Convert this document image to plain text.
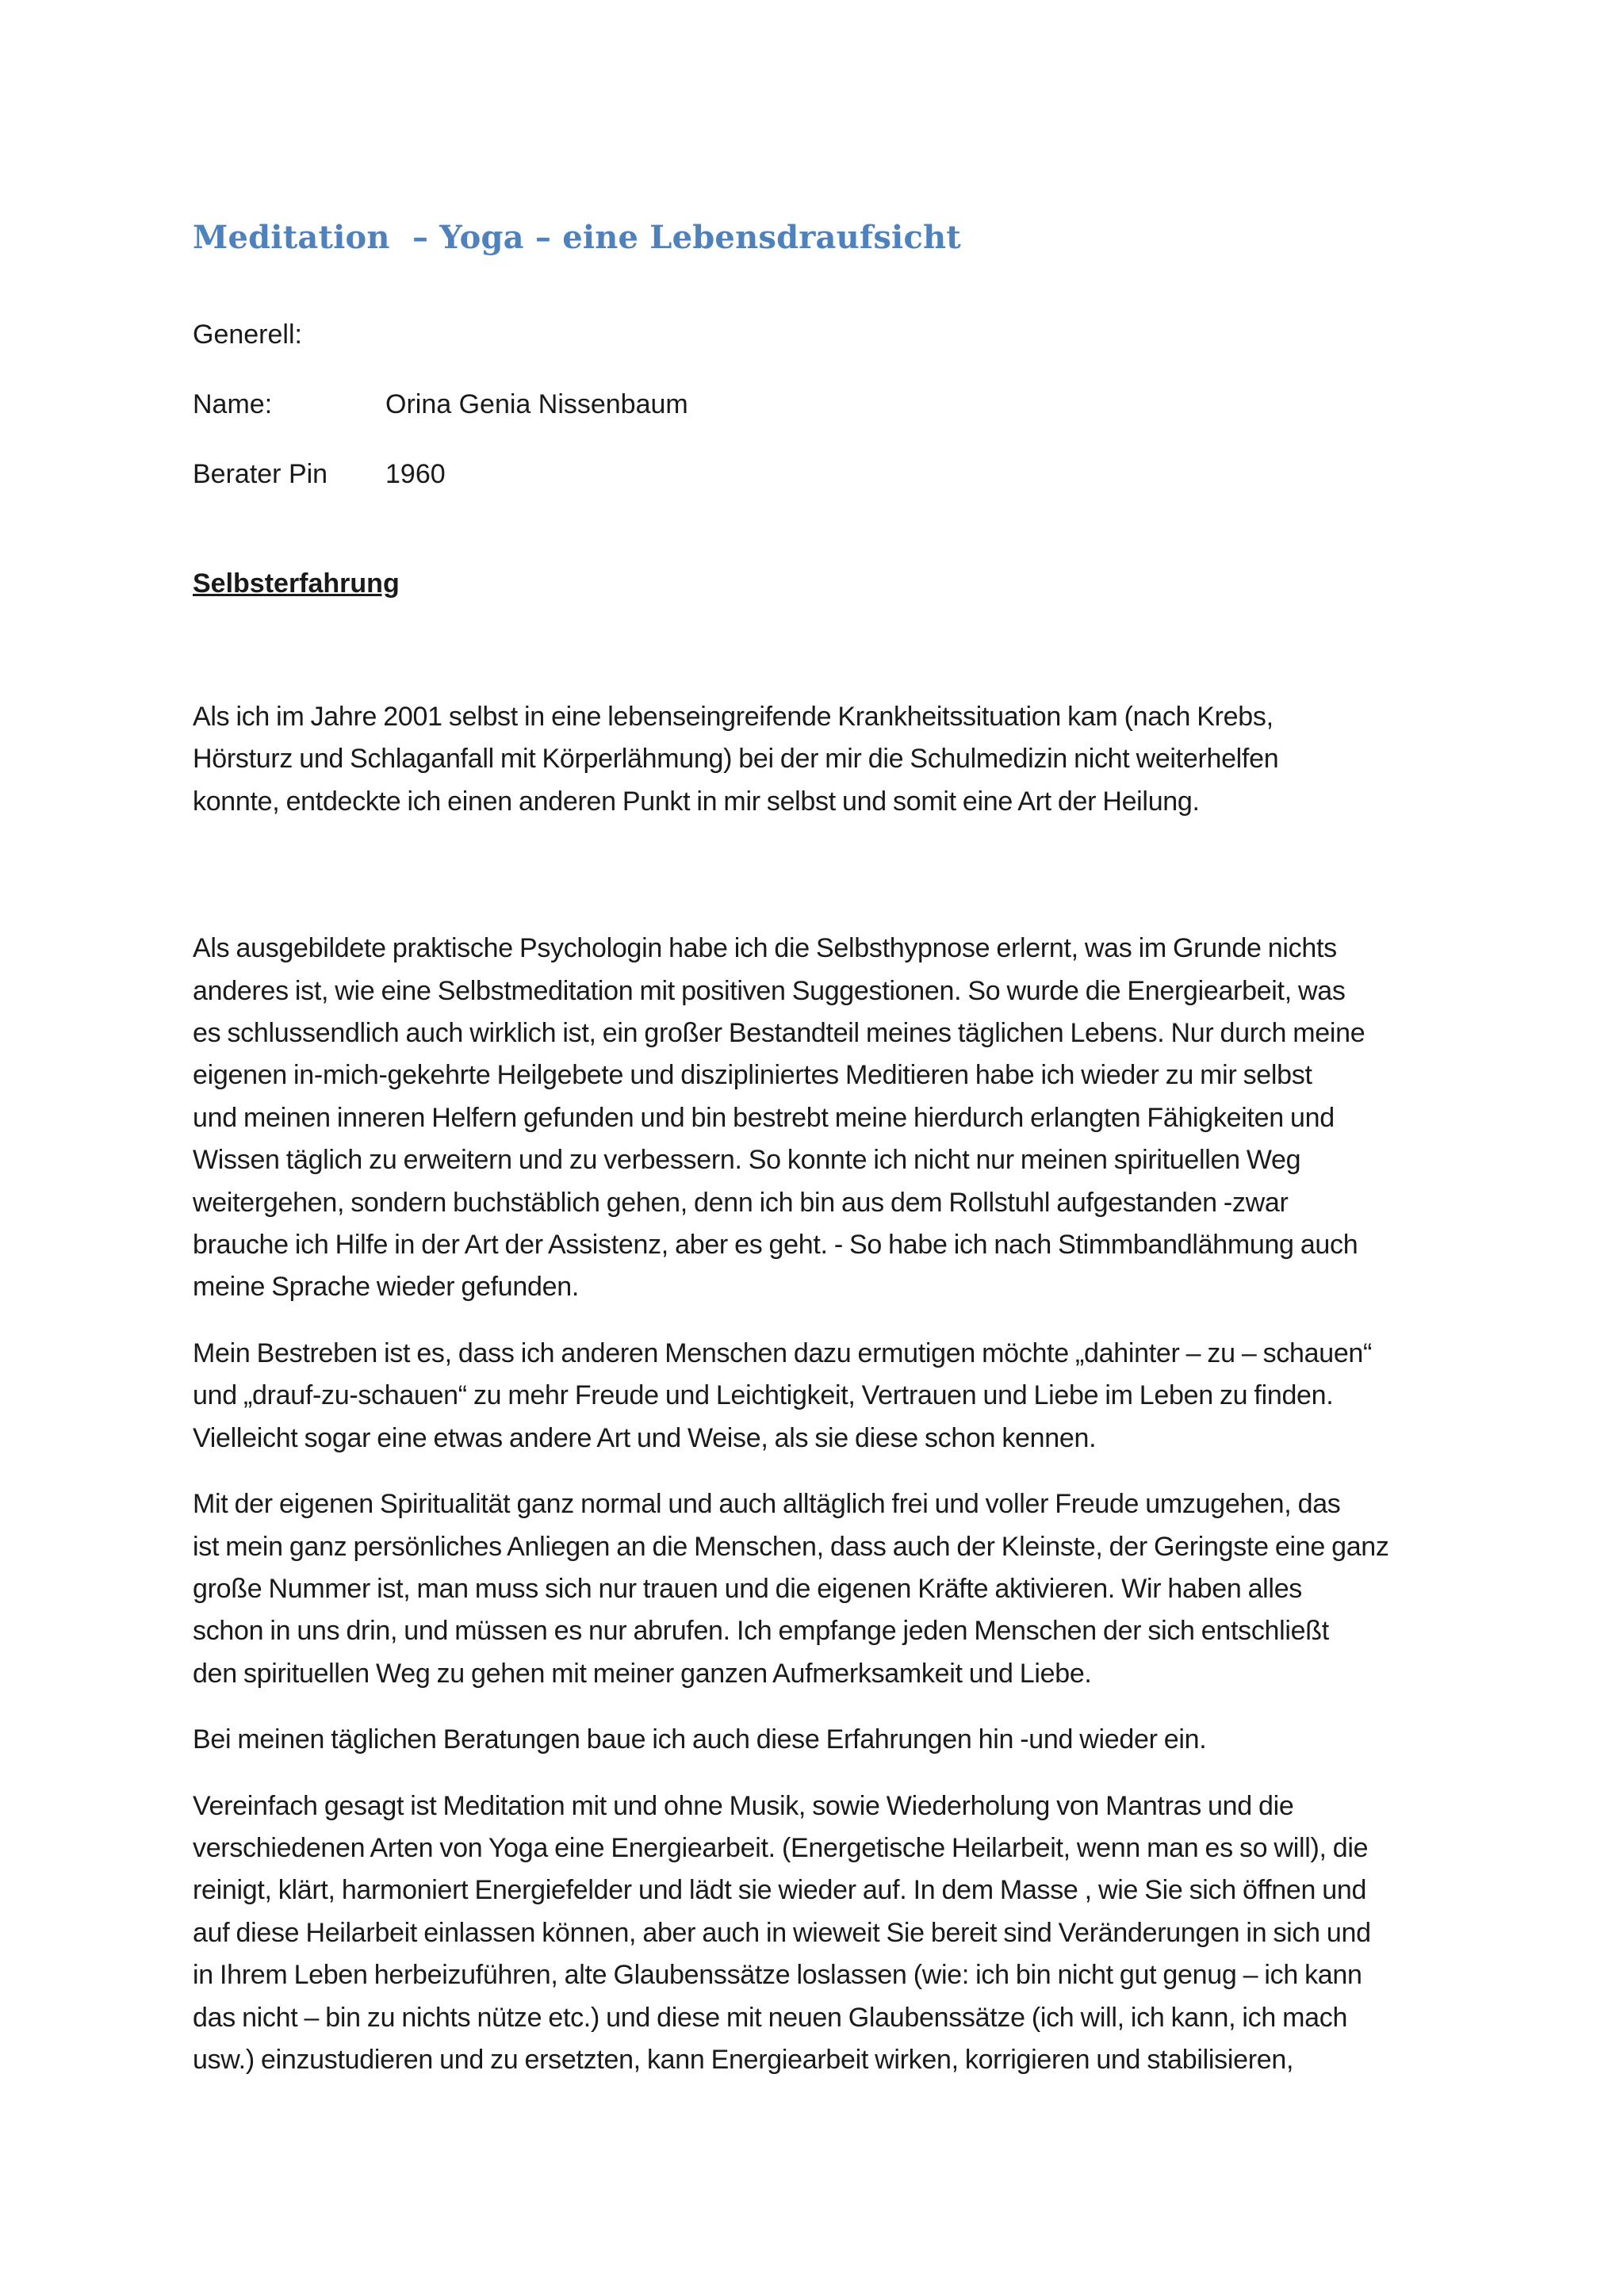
Meditation  – Yoga – eine Lebensdraufsicht
Generell:
Name:	Orina Genia Nissenbaum
Berater Pin	1960
Selbsterfahrung
Als ich im Jahre 2001 selbst in eine lebenseingreifende Krankheitssituation kam (nach Krebs,
Hörsturz und Schlaganfall mit Körperlähmung) bei der mir die Schulmedizin nicht weiterhelfen
konnte, entdeckte ich einen anderen Punkt in mir selbst und somit eine Art der Heilung.
Als ausgebildete praktische Psychologin habe ich die Selbsthypnose erlernt, was im Grunde nichts
anderes ist, wie eine Selbstmeditation mit positiven Suggestionen. So wurde die Energiearbeit, was
es schlussendlich auch wirklich ist, ein großer Bestandteil meines täglichen Lebens. Nur durch meine
eigenen in-mich-gekehrte Heilgebete und diszipliniertes Meditieren habe ich wieder zu mir selbst
und meinen inneren Helfern gefunden und bin bestrebt meine hierdurch erlangten Fähigkeiten und
Wissen täglich zu erweitern und zu verbessern. So konnte ich nicht nur meinen spirituellen Weg
weitergehen, sondern buchstäblich gehen, denn ich bin aus dem Rollstuhl aufgestanden -zwar
brauche ich Hilfe in der Art der Assistenz, aber es geht. - So habe ich nach Stimmbandlähmung auch
meine Sprache wieder gefunden.
Mein Bestreben ist es, dass ich anderen Menschen dazu ermutigen möchte „dahinter – zu – schauen“
und „drauf-zu-schauen“ zu mehr Freude und Leichtigkeit, Vertrauen und Liebe im Leben zu finden.
Vielleicht sogar eine etwas andere Art und Weise, als sie diese schon kennen.
Mit der eigenen Spiritualität ganz normal und auch alltäglich frei und voller Freude umzugehen, das
ist mein ganz persönliches Anliegen an die Menschen, dass auch der Kleinste, der Geringste eine ganz
große Nummer ist, man muss sich nur trauen und die eigenen Kräfte aktivieren. Wir haben alles
schon in uns drin, und müssen es nur abrufen. Ich empfange jeden Menschen der sich entschließt
den spirituellen Weg zu gehen mit meiner ganzen Aufmerksamkeit und Liebe.
Bei meinen täglichen Beratungen baue ich auch diese Erfahrungen hin -und wieder ein.
Vereinfach gesagt ist Meditation mit und ohne Musik, sowie Wiederholung von Mantras und die
verschiedenen Arten von Yoga eine Energiearbeit. (Energetische Heilarbeit, wenn man es so will), die
reinigt, klärt, harmoniert Energiefelder und lädt sie wieder auf. In dem Masse , wie Sie sich öffnen und
auf diese Heilarbeit einlassen können, aber auch in wieweit Sie bereit sind Veränderungen in sich und
in Ihrem Leben herbeizuführen, alte Glaubenssätze loslassen (wie: ich bin nicht gut genug – ich kann
das nicht – bin zu nichts nütze etc.) und diese mit neuen Glaubenssätze (ich will, ich kann, ich mach
usw.) einzustudieren und zu ersetzten, kann Energiearbeit wirken, korrigieren und stabilisieren,
